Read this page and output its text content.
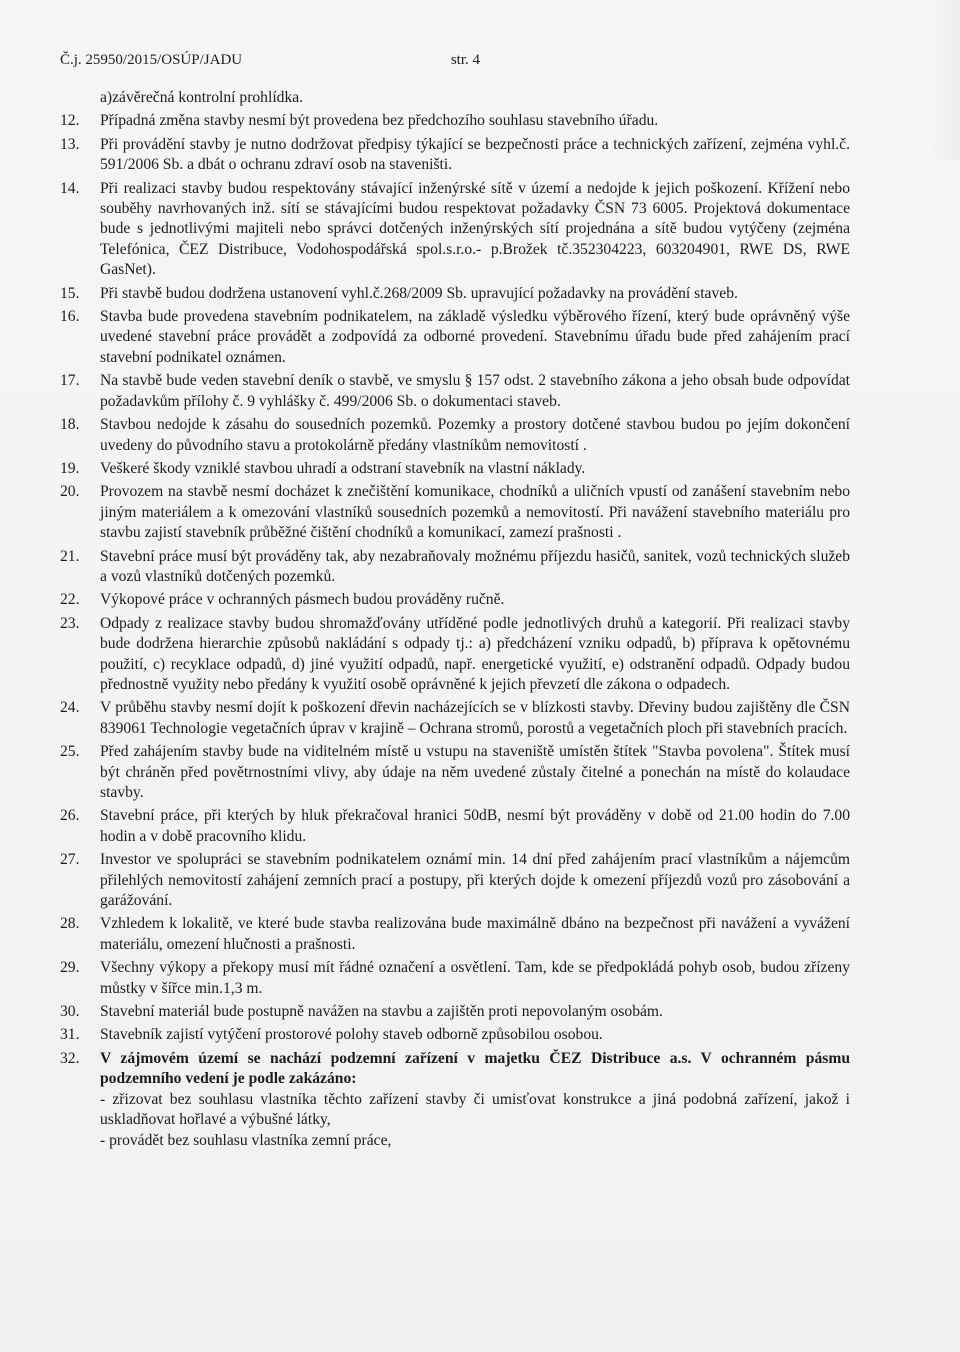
Č.j. 25950/2015/OSÚP/JADU	str. 4
a)závěrečná kontrolní prohlídka.
12.	Případná změna stavby nesmí být provedena bez předchozího souhlasu stavebního úřadu.

13.	Při provádění stavby je nutno dodržovat předpisy týkající se bezpečnosti práce a technických zařízení, zejména vyhl.č. 591/2006 Sb. a dbát o ochranu zdraví osob na staveništi.

14.	Při realizaci stavby budou respektovány stávající inženýrské sítě v území a nedojde k jejich poškození. Křížení nebo souběhy navrhovaných inž. sítí se stávajícími budou respektovat požadavky ČSN 73 6005. Projektová dokumentace bude s jednotlivými majiteli nebo správci dotčených inženýrských sítí projednána a sítě budou vytýčeny (zejména Telefónica, ČEZ Distribuce, Vodohospodářská spol.s.r.o.- p.Brožek tč.352304223, 603204901, RWE DS, RWE GasNet).

15.	Při stavbě budou dodržena ustanovení vyhl.č.268/2009 Sb. upravující požadavky na provádění staveb.

16.	Stavba bude provedena stavebním podnikatelem, na základě výsledku výběrového řízení, který bude oprávněný výše uvedené stavební práce provádět a zodpovídá za odborné provedení. Stavebnímu úřadu bude před zahájením prací stavební podnikatel oznámen.

17.	Na stavbě bude veden stavební deník o stavbě, ve smyslu § 157 odst. 2 stavebního zákona a jeho obsah bude odpovídat požadavkům přílohy č. 9 vyhlášky č. 499/2006 Sb. o dokumentaci staveb.

18.	Stavbou nedojde k zásahu do sousedních pozemků. Pozemky a prostory dotčené stavbou budou po jejím dokončení uvedeny do původního stavu a protokolárně předány vlastníkům nemovitostí .

19.	Veškeré škody vzniklé stavbou uhradí a odstraní stavebník na vlastní náklady.

20.	Provozem na stavbě nesmí docházet k znečištění komunikace, chodníků a uličních vpustí od zanášení stavebním nebo jiným materiálem a k omezování vlastníků sousedních pozemků a nemovitostí. Při navážení stavebního materiálu pro stavbu zajistí stavebník průběžné čištění chodníků a komunikací, zamezí prašnosti .

21.	Stavební práce musí být prováděny tak, aby nezabraňovaly možnému příjezdu hasičů, sanitek, vozů technických služeb a vozů vlastníků dotčených pozemků.

22.	Výkopové práce v ochranných pásmech budou prováděny ručně.

23.	Odpady z realizace stavby budou shromažďovány utříděné podle jednotlivých druhů a kategorií. Při realizaci stavby bude dodržena hierarchie způsobů nakládání s odpady tj.: a) předcházení vzniku odpadů, b) příprava k opětovnému použití, c) recyklace odpadů, d) jiné využití odpadů, např. energetické využití, e) odstranění odpadů. Odpady budou přednostně využity nebo předány k využití osobě oprávněné k jejich převzetí dle zákona o odpadech.

24.	V průběhu stavby nesmí dojít k poškození dřevin nacházejících se v blízkosti stavby. Dřeviny budou zajištěny dle ČSN 839061 Technologie vegetačních úprav v krajině – Ochrana stromů, porostů a vegetačních ploch při stavebních pracích.

25.	Před zahájením stavby bude na viditelném místě u vstupu na staveniště umístěn štítek "Stavba povolena". Štítek musí být chráněn před povětrnostními vlivy, aby údaje na něm uvedené zůstaly čitelné a ponechán na místě do kolaudace stavby.

26.	Stavební práce, při kterých by hluk překračoval hranici 50dB, nesmí být prováděny v době od 21.00 hodin do 7.00 hodin a v době pracovního klidu.

27.	Investor ve spolupráci se stavebním podnikatelem oznámí min. 14 dní před zahájením prací vlastníkům a nájemcům přilehlých nemovitostí zahájení zemních prací a postupy, při kterých dojde k omezení příjezdů vozů pro zásobování a garážování.

28.	Vzhledem k lokalitě, ve které bude stavba realizována bude maximálně dbáno na bezpečnost při navážení a vyvážení materiálu, omezení hlučnosti a prašnosti.

29.	Všechny výkopy a překopy musí mít řádné označení a osvětlení. Tam, kde se předpokládá pohyb osob, budou zřízeny můstky v šířce min.1,3 m.

30.	Stavební materiál bude postupně navážen na stavbu a zajištěn proti nepovolaným osobám.

31.	Stavebník zajistí vytýčení prostorové polohy staveb odborně způsobilou osobou.

32.	V zájmovém území se nachází podzemní zařízení v majetku ČEZ Distribuce a.s. V ochranném pásmu podzemního vedení je podle zakázáno:

- zřizovat bez souhlasu vlastníka těchto zařízení stavby či umisťovat konstrukce a jiná podobná zařízení, jakož i uskladňovat hořlavé a výbušné látky,

- provádět bez souhlasu vlastníka zemní práce,
